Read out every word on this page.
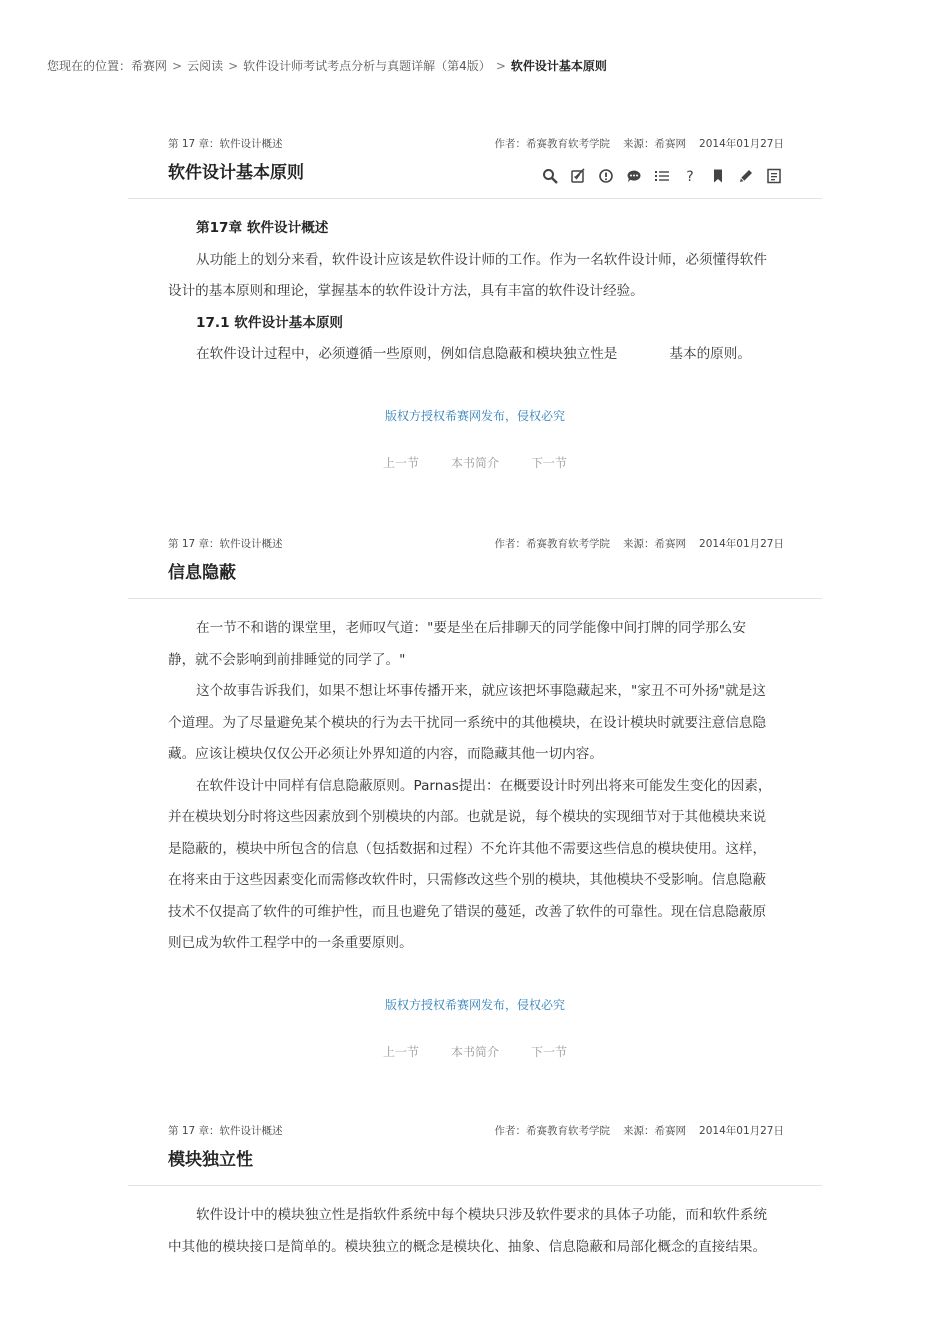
您现在的位置：希赛网 > 云阅读 > 软件设计师考试考点分析与真题详解（第4版） > 软件设计基本原则
第 17 章：软件设计概述	作者：希赛教育软考学院 来源：希赛网 2014年01月27日
软件设计基本原则	?

第17章 软件设计概述

从功能上的划分来看，软件设计应该是软件设计师的工作。作为一名软件设计师，必须懂得软件设计的基本原则和理论，掌握基本的软件设计方法，具有丰富的软件设计经验。

17.1 软件设计基本原则

在软件设计过程中，必须遵循一些原则，例如信息隐蔽和模块独立性是	基本的原则。

版权方授权希赛网发布，侵权必究
上一节	本书简介	下一节
第 17 章：软件设计概述	作者：希赛教育软考学院 来源：希赛网 2014年01月27日
信息隐蔽

在一节不和谐的课堂里，老师叹气道："要是坐在后排聊天的同学能像中间打牌的同学那么安静，就不会影响到前排睡觉的同学了。"

这个故事告诉我们，如果不想让坏事传播开来，就应该把坏事隐藏起来，"家丑不可外扬"就是这个道理。为了尽量避免某个模块的行为去干扰同一系统中的其他模块，在设计模块时就要注意信息隐藏。应该让模块仅仅公开必须让外界知道的内容，而隐藏其他一切内容。

在软件设计中同样有信息隐蔽原则。Parnas提出：在概要设计时列出将来可能发生变化的因素，并在模块划分时将这些因素放到个别模块的内部。也就是说，每个模块的实现细节对于其他模块来说是隐蔽的，模块中所包含的信息（包括数据和过程）不允许其他不需要这些信息的模块使用。这样，在将来由于这些因素变化而需修改软件时，只需修改这些个别的模块，其他模块不受影响。信息隐蔽技术不仅提高了软件的可维护性，而且也避免了错误的蔓延，改善了软件的可靠性。现在信息隐蔽原则已成为软件工程学中的一条重要原则。

版权方授权希赛网发布，侵权必究
上一节	本书简介	下一节
第 17 章：软件设计概述	作者：希赛教育软考学院 来源：希赛网 2014年01月27日
模块独立性

软件设计中的模块独立性是指软件系统中每个模块只涉及软件要求的具体子功能，而和软件系统中其他的模块接口是简单的。模块独立的概念是模块化、抽象、信息隐蔽和局部化概念的直接结果。
